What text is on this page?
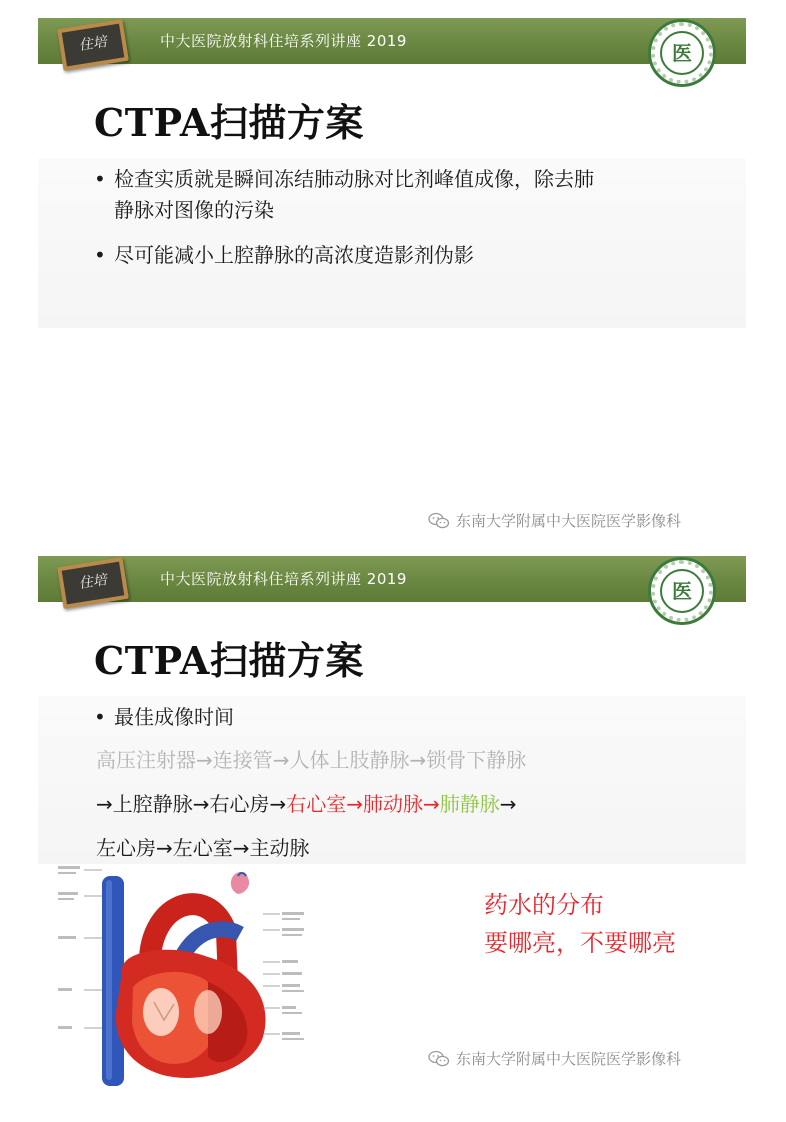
住培	中大医院放射科住培系列讲座 2019	医
CTPA扫描方案
• 检查实质就是瞬间冻结肺动脉对比剂峰值成像，除去肺
静脉对图像的污染
• 尽可能减小上腔静脉的高浓度造影剂伪影
东南大学附属中大医院医学影像科
住培	中大医院放射科住培系列讲座 2019	医
CTPA扫描方案
• 最佳成像时间
高压注射器→连接管→人体上肢静脉→锁骨下静脉
→上腔静脉→右心房→右心室→肺动脉→肺静脉→
左心房→左心室→主动脉
药水的分布
要哪亮，不要哪亮
东南大学附属中大医院医学影像科
